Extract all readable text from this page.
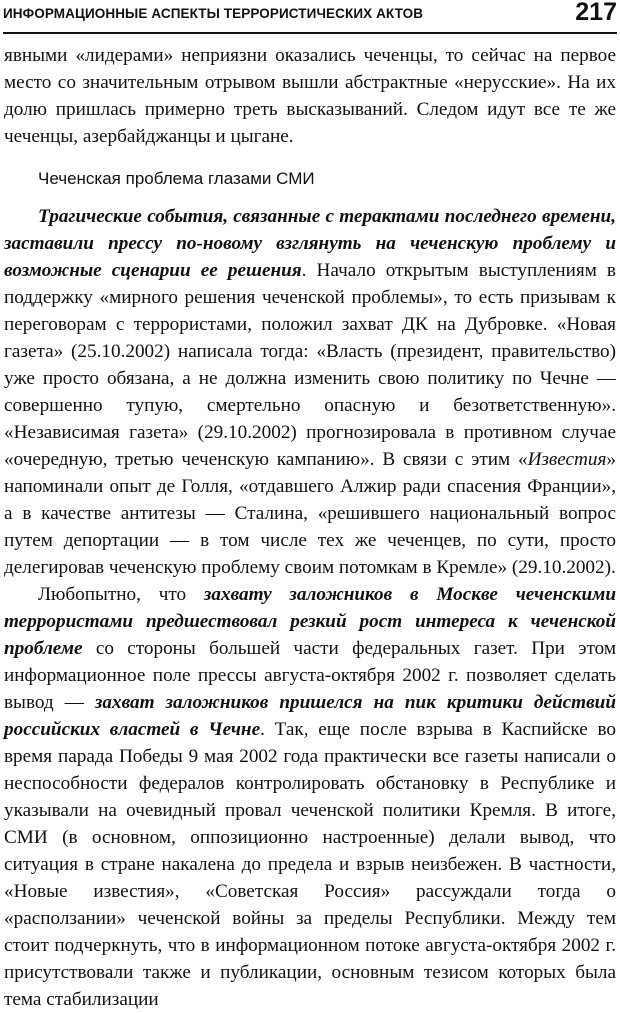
ИНФОРМАЦИОННЫЕ АСПЕКТЫ ТЕРРОРИСТИЧЕСКИХ АКТОВ	217

явными «лидерами» неприязни оказались чеченцы, то сейчас на первое место со значительным отрывом вышли абстрактные «нерусские». На их долю пришлась примерно треть высказываний. Следом идут все те же чеченцы, азербайджанцы и цыгане.

Чеченская проблема глазами СМИ

Трагические события, связанные с терактами последнего времени, заставили прессу по-новому взглянуть на чеченскую проблему и возможные сценарии ее решения. Начало открытым выступлениям в поддержку «мирного решения чеченской проблемы», то есть призывам к переговорам с террористами, положил захват ДК на Дубровке. «Новая газета» (25.10.2002) написала тогда: «Власть (президент, правительство) уже просто обязана, а не должна изменить свою политику по Чечне — совершенно тупую, смертельно опасную и безответственную». «Независимая газета» (29.10.2002) прогнозировала в противном случае «очередную, третью чеченскую кампанию». В связи с этим «Известия» напоминали опыт де Голля, «отдавшего Алжир ради спасения Франции», а в качестве антитезы — Сталина, «решившего национальный вопрос путем депортации — в том числе тех же чеченцев, по сути, просто делегировав чеченскую проблему своим потомкам в Кремле» (29.10.2002).

Любопытно, что захвату заложников в Москве чеченскими террористами предшествовал резкий рост интереса к чеченской проблеме со стороны большей части федеральных газет. При этом информационное поле прессы августа-октября 2002 г. позволяет сделать вывод — захват заложников пришелся на пик критики действий российских властей в Чечне. Так, еще после взрыва в Каспийске во время парада Победы 9 мая 2002 года практически все газеты написали о неспособности федералов контролировать обстановку в Республике и указывали на очевидный провал чеченской политики Кремля. В итоге, СМИ (в основном, оппозиционно настроенные) делали вывод, что ситуация в стране накалена до предела и взрыв неизбежен. В частности, «Новые известия», «Советская Россия» рассуждали тогда о «расползании» чеченской войны за пределы Республики. Между тем стоит подчеркнуть, что в информационном потоке августа-октября 2002 г. присутствовали также и публикации, основным тезисом которых была тема стабилизации
